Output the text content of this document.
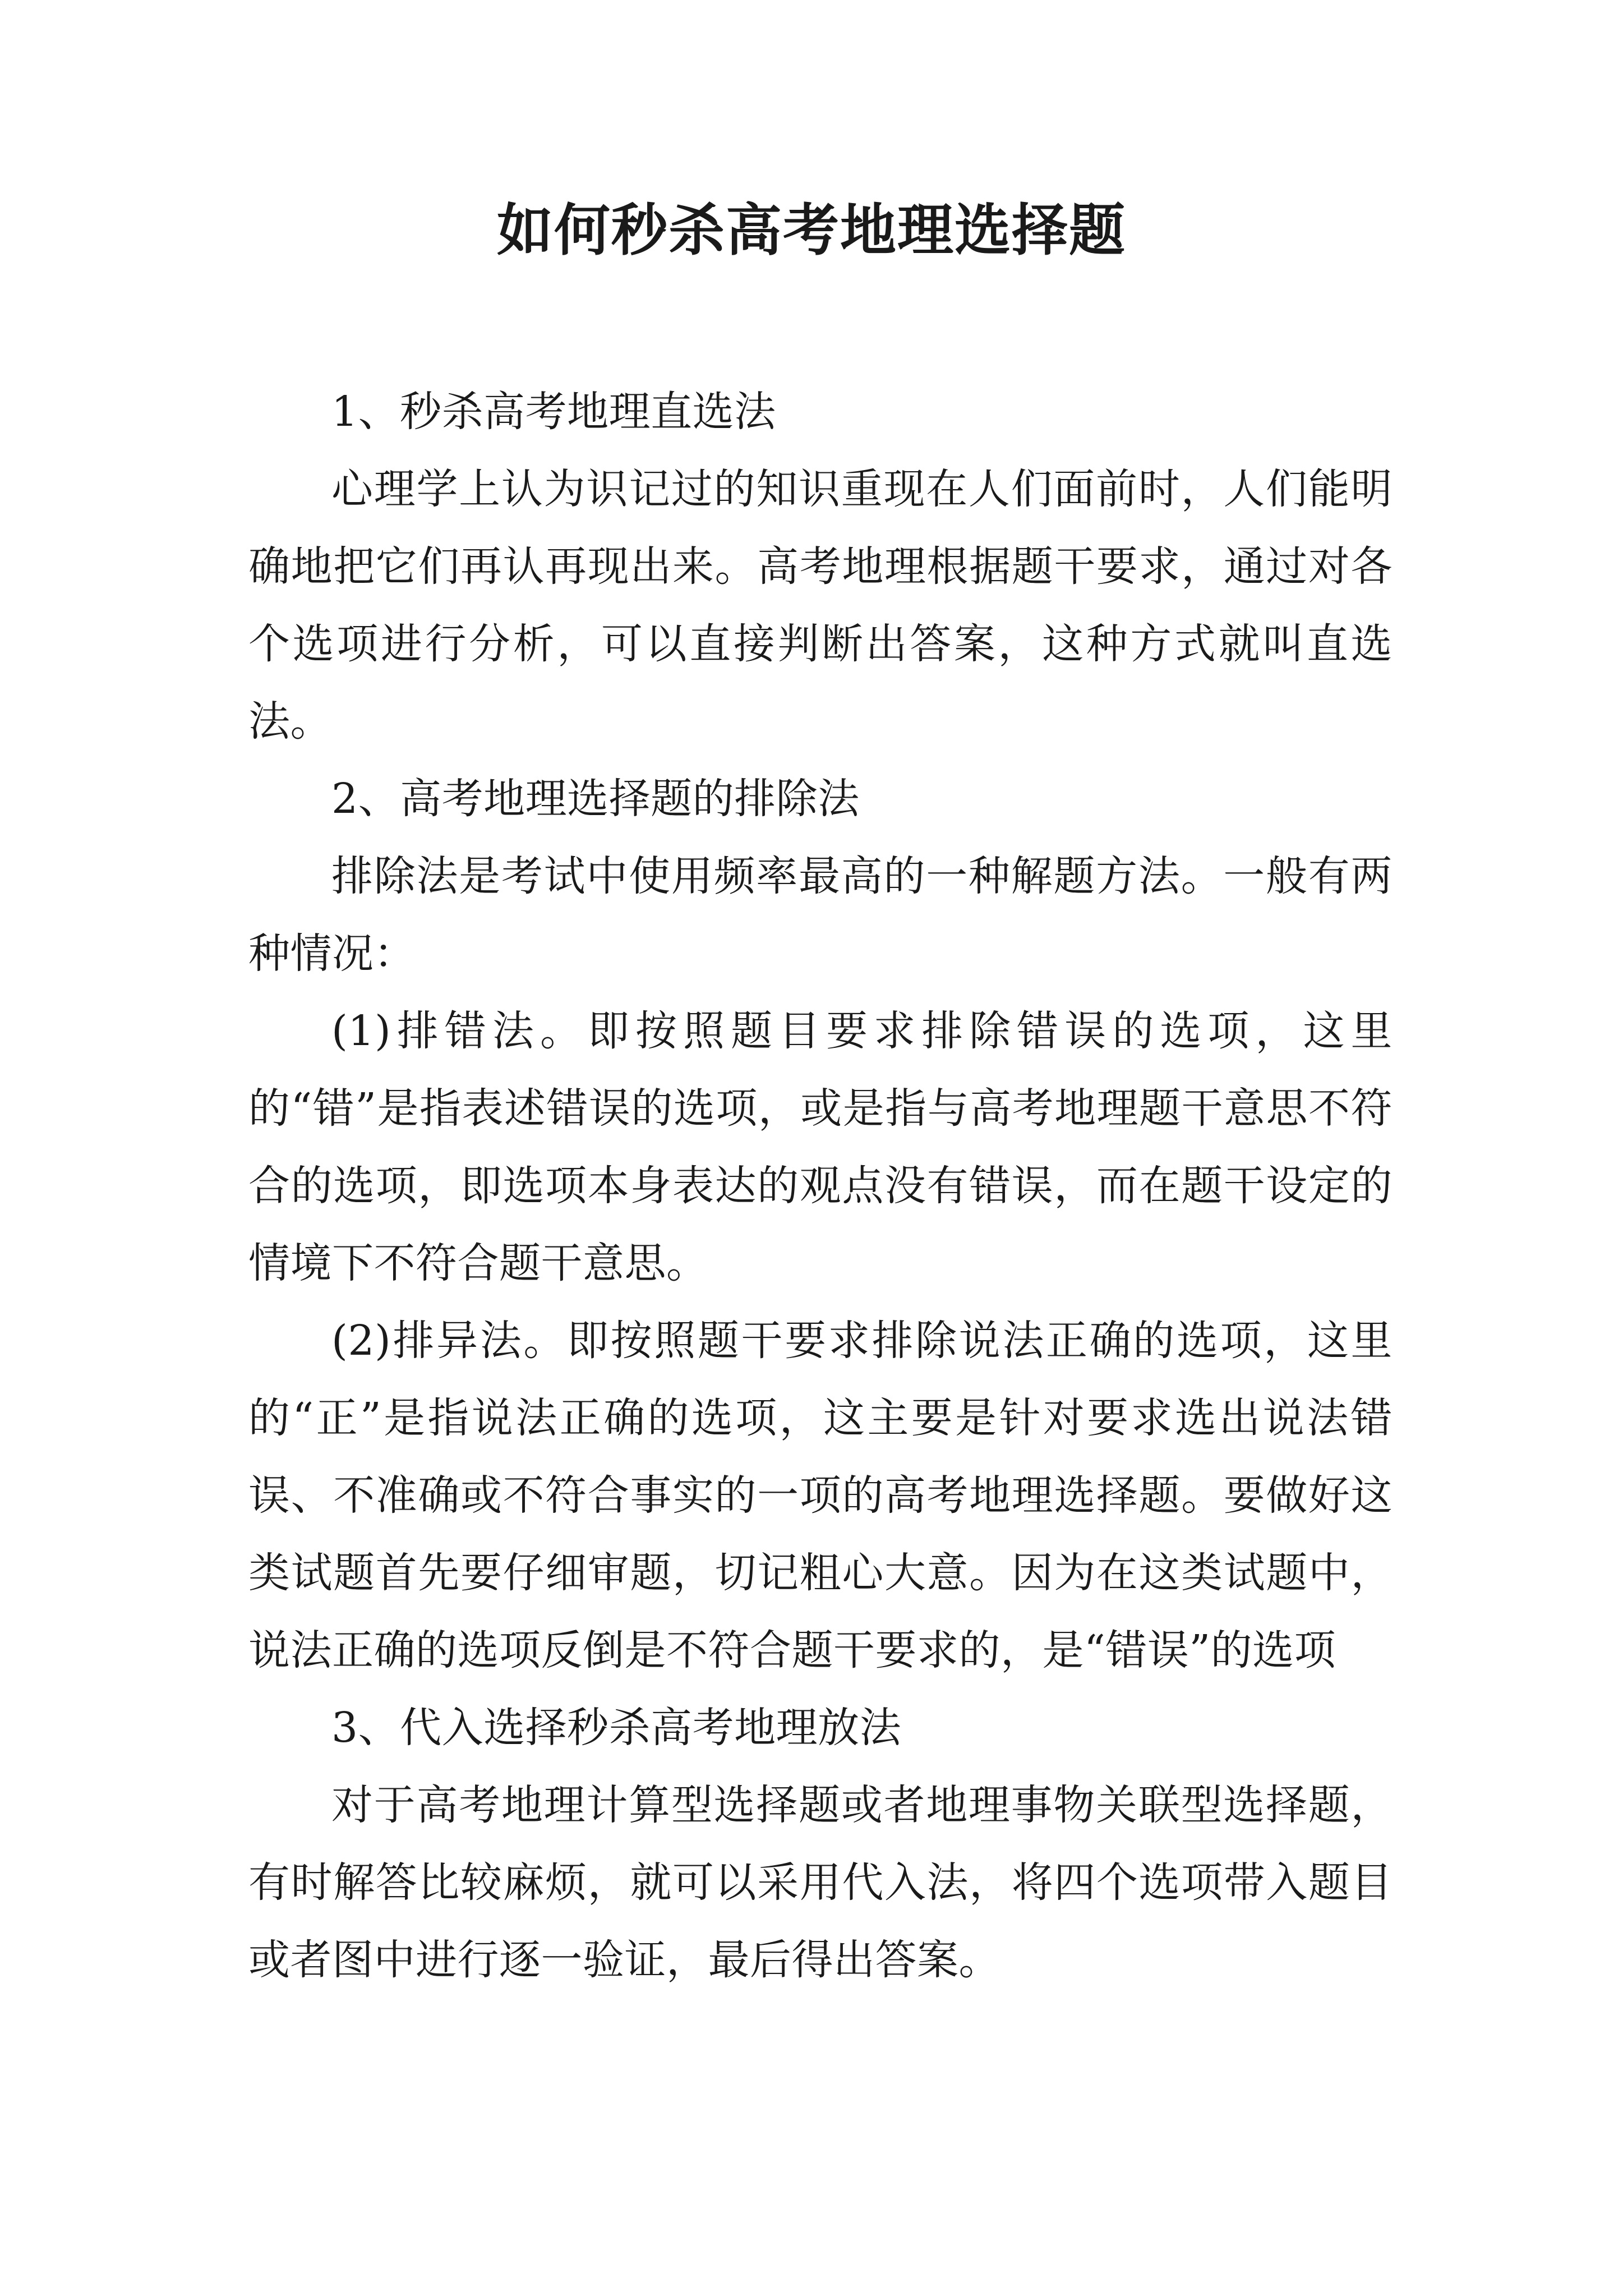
如何秒杀高考地理选择题

1、秒杀高考地理直选法

心理学上认为识记过的知识重现在人们面前时，人们能明确地把它们再认再现出来。高考地理根据题干要求，通过对各个选项进行分析，可以直接判断出答案，这种方式就叫直选法。

2、高考地理选择题的排除法

排除法是考试中使用频率最高的一种解题方法。一般有两种情况：

(1)排错法。即按照题目要求排除错误的选项，这里的“错”是指表述错误的选项，或是指与高考地理题干意思不符合的选项，即选项本身表达的观点没有错误，而在题干设定的情境下不符合题干意思。

(2)排异法。即按照题干要求排除说法正确的选项，这里的“正”是指说法正确的选项，这主要是针对要求选出说法错误、不准确或不符合事实的一项的高考地理选择题。要做好这类试题首先要仔细审题，切记粗心大意。因为在这类试题中，说法正确的选项反倒是不符合题干要求的，是“错误”的选项

3、代入选择秒杀高考地理放法

对于高考地理计算型选择题或者地理事物关联型选择题，有时解答比较麻烦，就可以采用代入法，将四个选项带入题目或者图中进行逐一验证，最后得出答案。
